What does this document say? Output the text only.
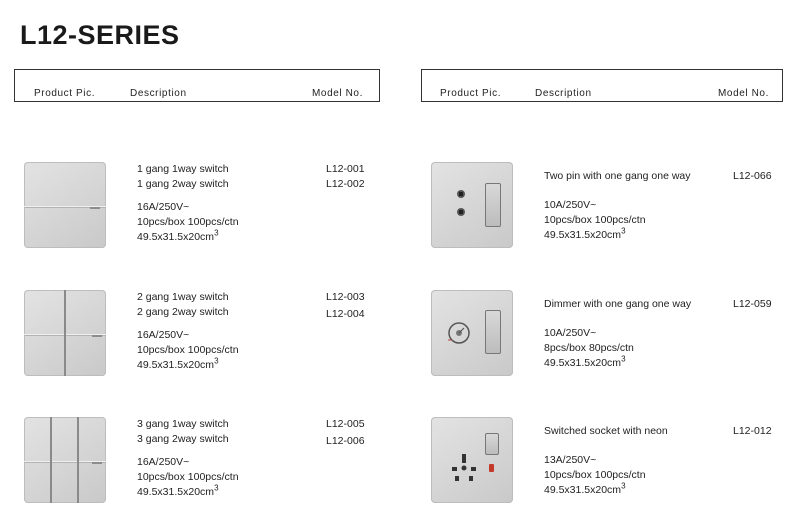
L12-SERIES
Product Pic.	Description	Model No.	Product Pic.	Description	Model No.
1 gang 1way switch
1 gang 2way switch
16A/250V~
10pcs/box 100pcs/ctn
$49.5x31.5x20cm^3$
L12-001
L12-002
2 gang 1way switch
2 gang 2way switch
16A/250V~
10pcs/box 100pcs/ctn
$49.5x31.5x20cm^3$
L12-003
L12-004
3 gang 1way switch
3 gang 2way switch
16A/250V~
10pcs/box 100pcs/ctn
$49.5x31.5x20cm^3$
L12-005
L12-006
Two pin with one gang one way
10A/250V~
10pcs/box 100pcs/ctn
$49.5x31.5x20cm^3$
L12-066
Dimmer with one gang one way
10A/250V~
8pcs/box 80pcs/ctn
$49.5x31.5x20cm^3$
L12-059
Switched socket with neon
13A/250V~
10pcs/box 100pcs/ctn
$49.5x31.5x20cm^3$
L12-012
